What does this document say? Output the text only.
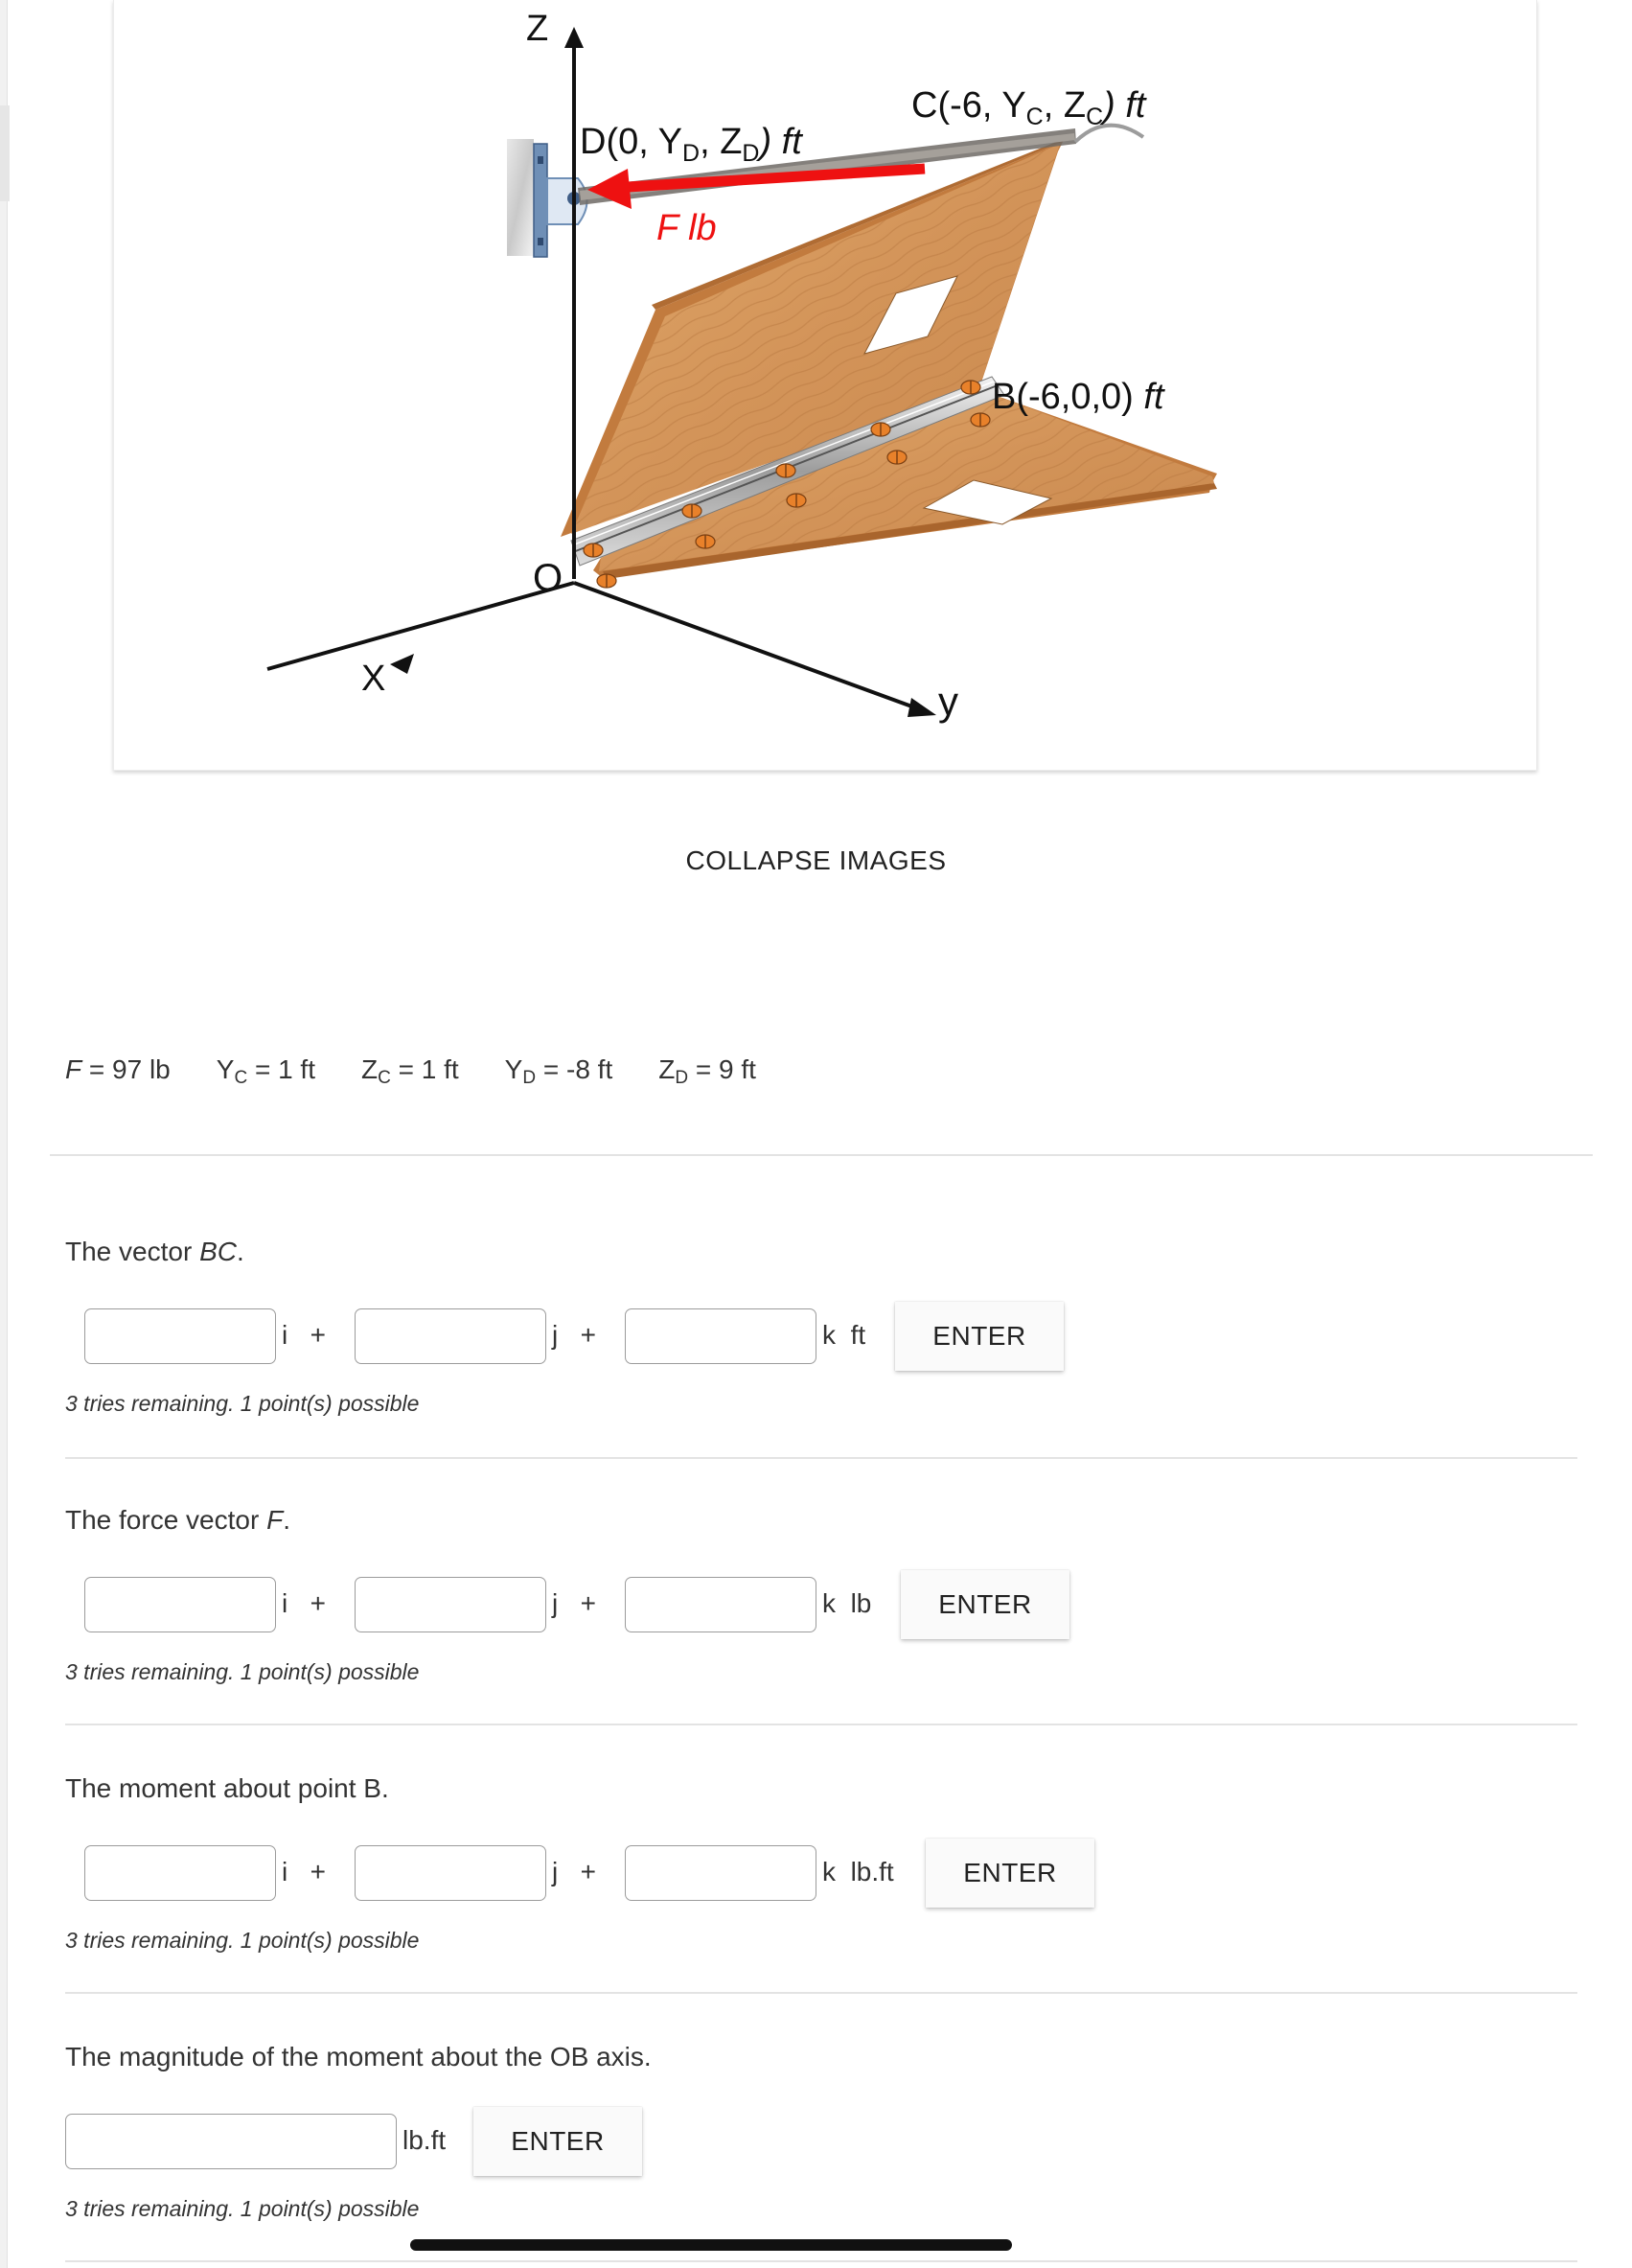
Z
X	y
O
D(0, $Y_D$, $Z_D$) ft
C(-6, $Y_C$, $Z_C$) ft
B(-6,0,0) ft
F lb
COLLAPSE IMAGES
F = 97 lb $Y_C = 1$ ft $Z_C = 1$ ft $Y_D = -8$ ft $Z_D = 9$ ft
The vector BC.
i +	j +	k ft	ENTER
3 tries remaining. 1 point(s) possible
The force vector F.
i +	j +	k lb	ENTER
3 tries remaining. 1 point(s) possible
The moment about point B.
i +	j +	k lb.ft	ENTER
3 tries remaining. 1 point(s) possible
The magnitude of the moment about the OB axis.
lb.ft	ENTER
3 tries remaining. 1 point(s) possible
